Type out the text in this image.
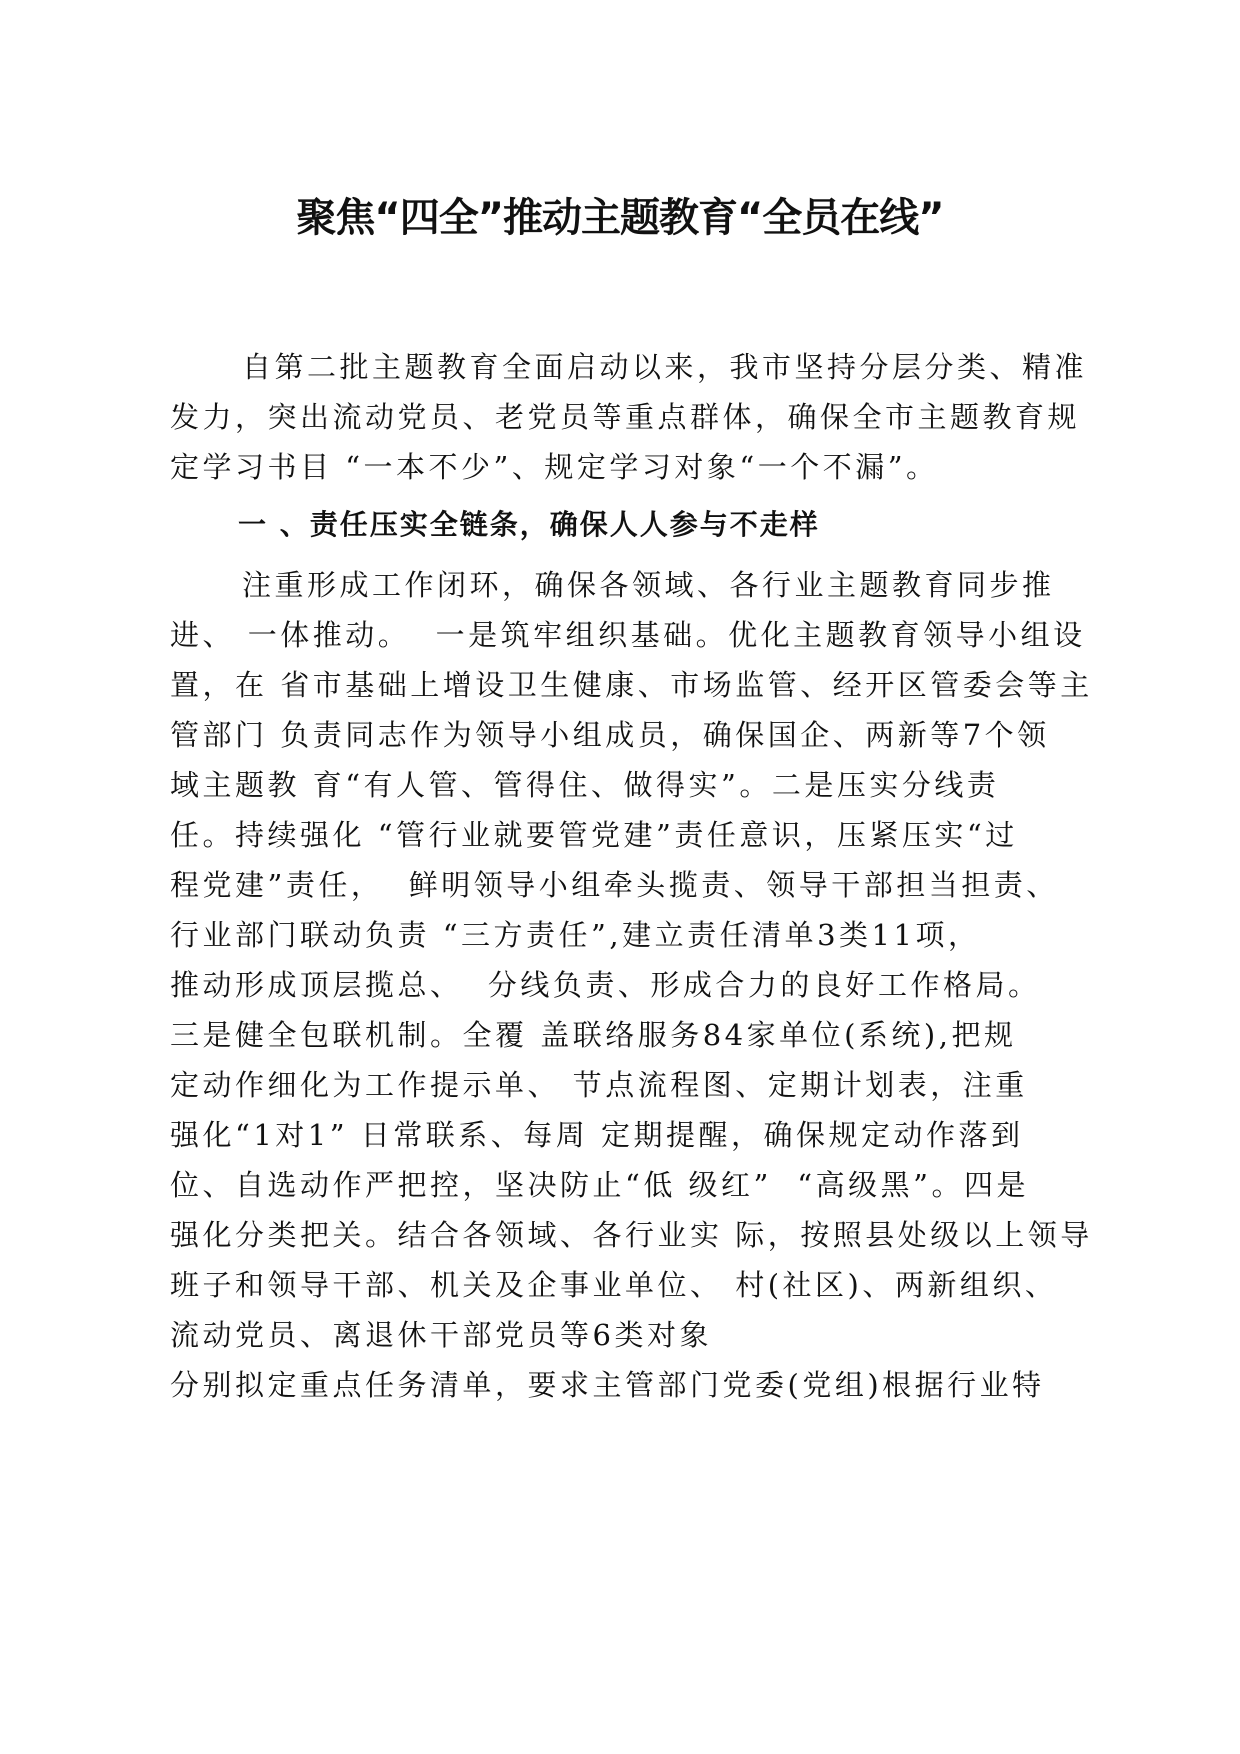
聚焦“四全”推动主题教育“全员在线”
自第二批主题教育全面启动以来，我市坚持分层分类、精准
发力，突出流动党员、老党员等重点群体，确保全市主题教育规
定学习书目 “一本不少”、规定学习对象“一个不漏”。
一 、责任压实全链条，确保人人参与不走样
注重形成工作闭环，确保各领域、各行业主题教育同步推
进、 一体推动。  一是筑牢组织基础。优化主题教育领导小组设
置，在 省市基础上增设卫生健康、市场监管、经开区管委会等主
管部门 负责同志作为领导小组成员，确保国企、两新等7个领
域主题教 育“有人管、管得住、做得实”。二是压实分线责
任。持续强化 “管行业就要管党建”责任意识，压紧压实“过
程党建”责任，  鲜明领导小组牵头揽责、领导干部担当担责、
行业部门联动负责 “三方责任”,建立责任清单3类11项，
推动形成顶层揽总、  分线负责、形成合力的良好工作格局。
三是健全包联机制。全覆 盖联络服务84家单位(系统),把规
定动作细化为工作提示单、 节点流程图、定期计划表，注重
强化“1对1” 日常联系、每周 定期提醒，确保规定动作落到
位、自选动作严把控，坚决防止“低 级红”  “高级黑”。四是
强化分类把关。结合各领域、各行业实 际，按照县处级以上领导
班子和领导干部、机关及企事业单位、 村(社区)、两新组织、
流动党员、离退休干部党员等6类对象
分别拟定重点任务清单，要求主管部门党委(党组)根据行业特
